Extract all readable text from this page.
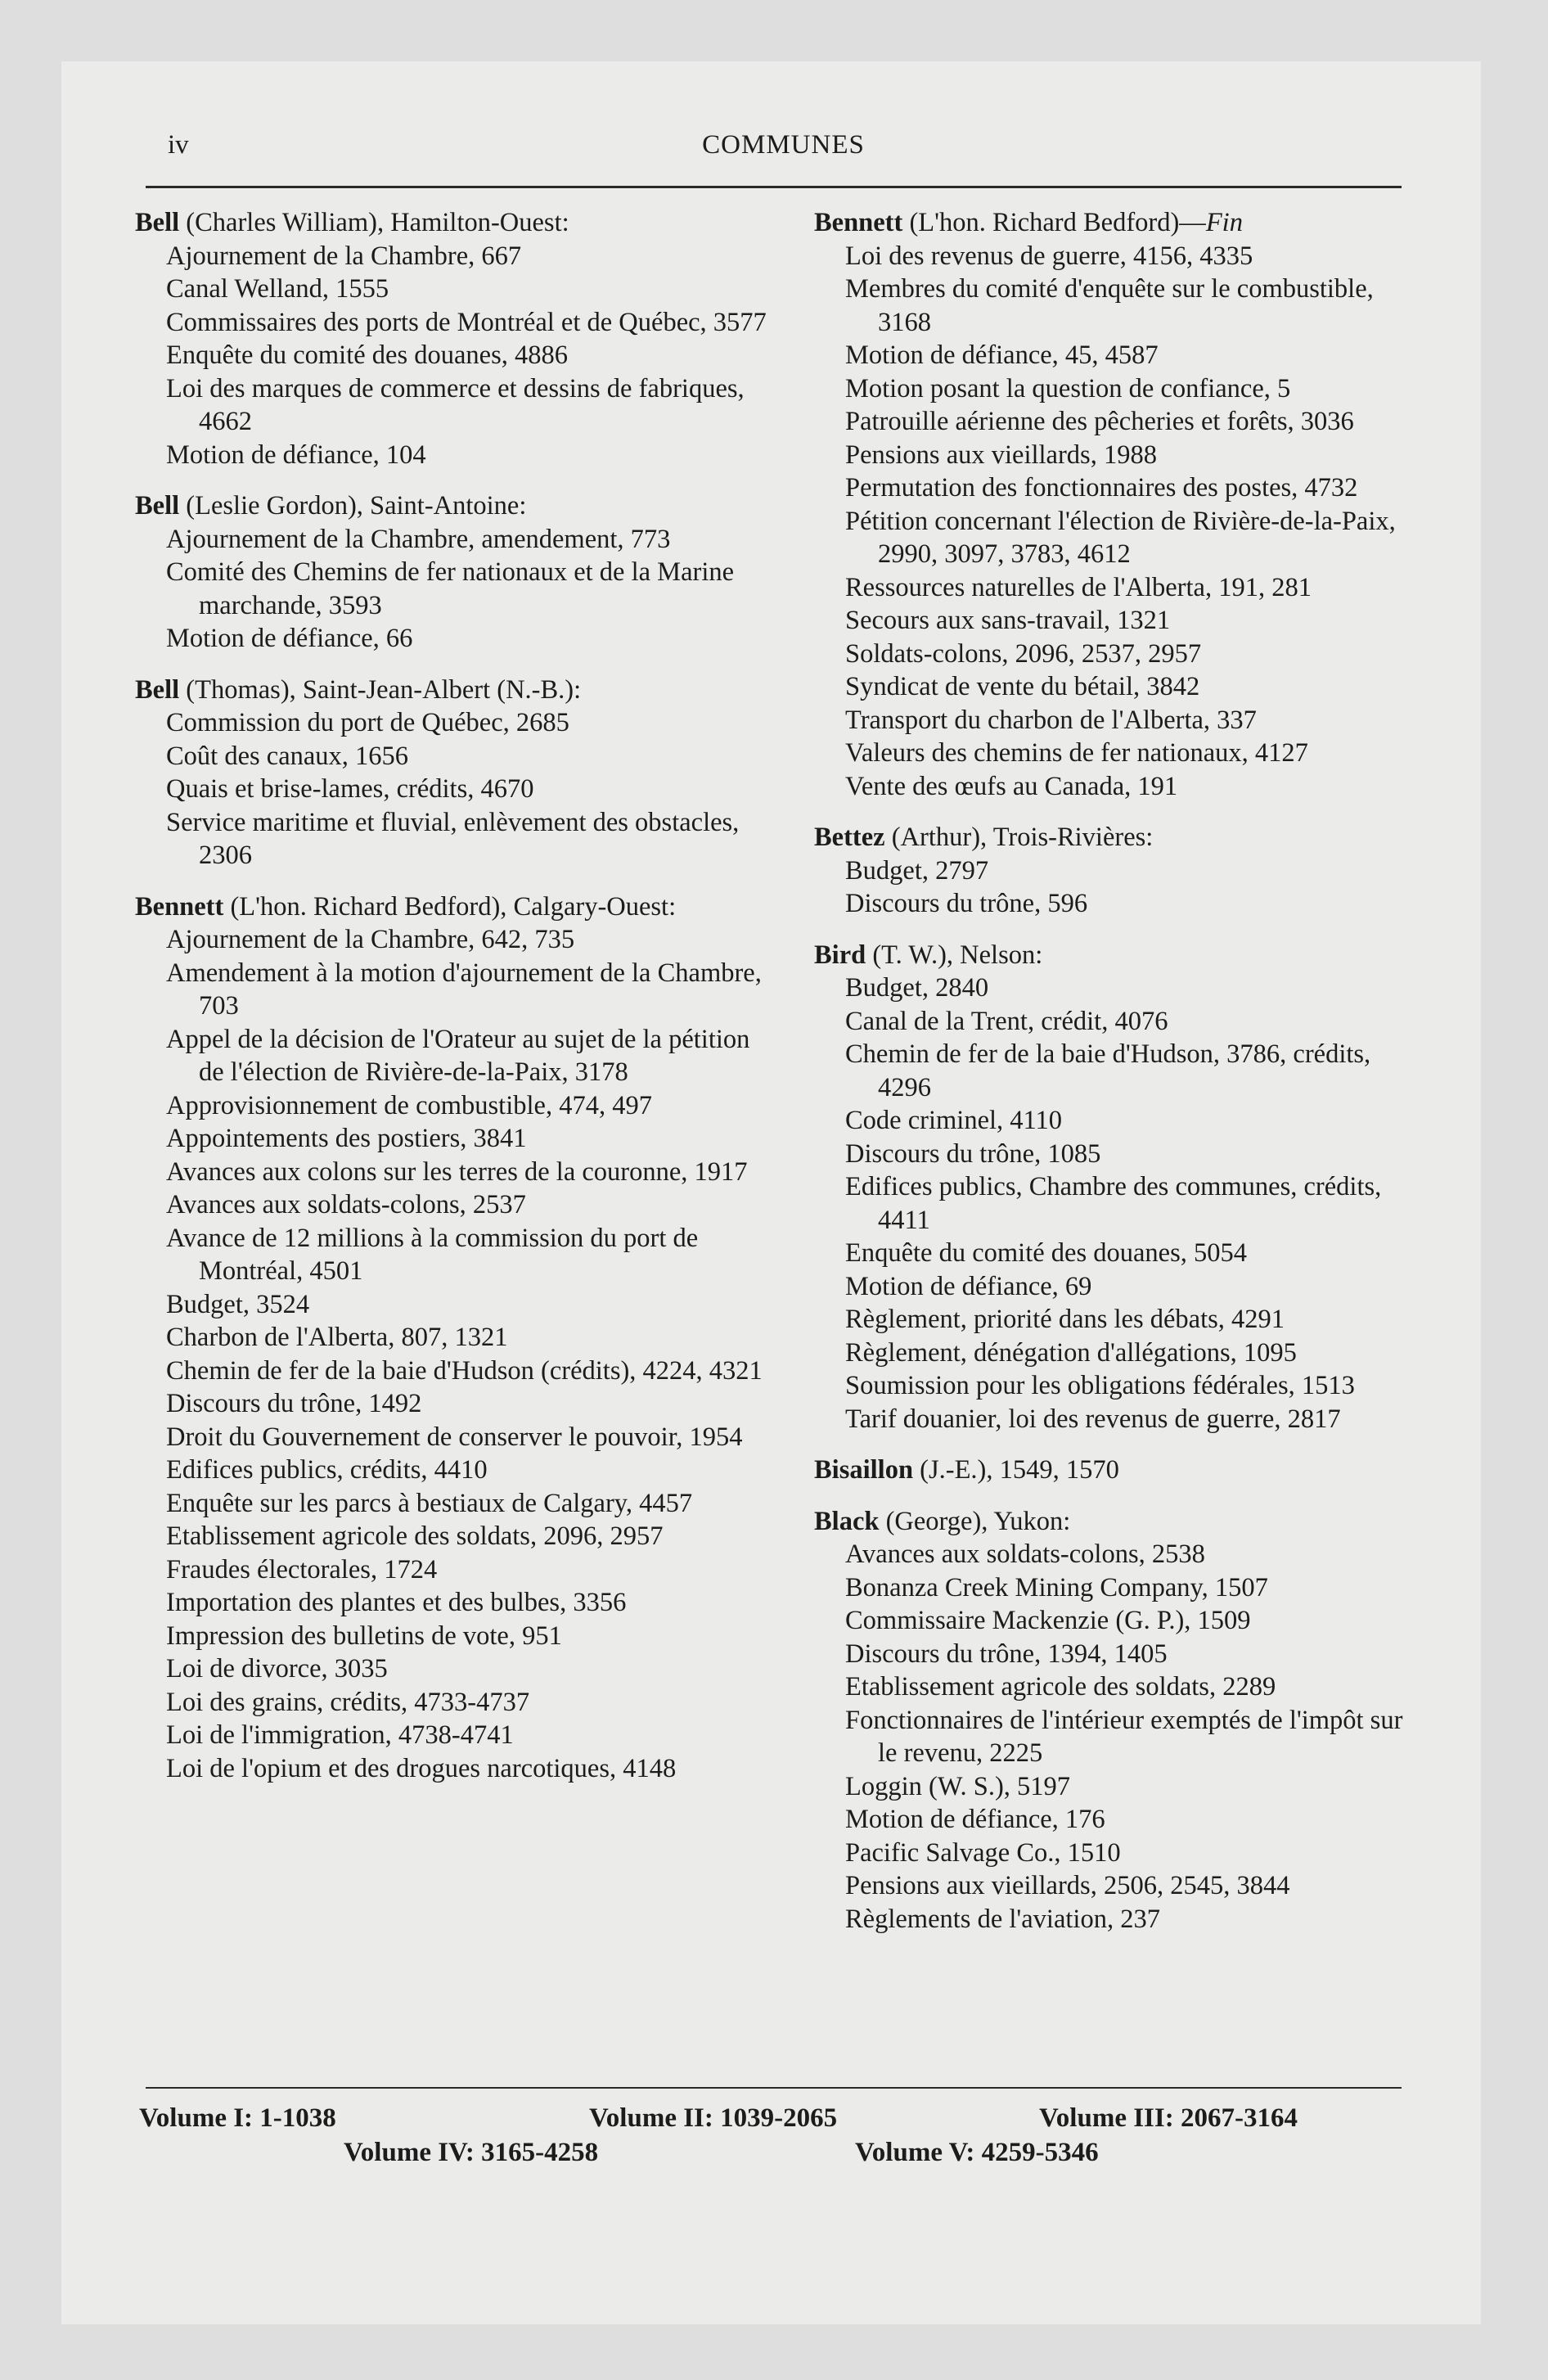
iv	COMMUNES
Bell (Charles William), Hamilton-Ouest:
Ajournement de la Chambre, 667
Canal Welland, 1555
Commissaires des ports de Montréal et de Québec, 3577
Enquête du comité des douanes, 4886
Loi des marques de commerce et dessins de fabriques, 4662
Motion de défiance, 104
Bell (Leslie Gordon), Saint-Antoine:
Ajournement de la Chambre, amendement, 773
Comité des Chemins de fer nationaux et de la Marine marchande, 3593
Motion de défiance, 66
Bell (Thomas), Saint-Jean-Albert (N.-B.):
Commission du port de Québec, 2685
Coût des canaux, 1656
Quais et brise-lames, crédits, 4670
Service maritime et fluvial, enlèvement des obstacles, 2306
Bennett (L'hon. Richard Bedford), Calgary-Ouest:
Ajournement de la Chambre, 642, 735
Amendement à la motion d'ajournement de la Chambre, 703
Appel de la décision de l'Orateur au sujet de la pétition de l'élection de Rivière-de-la-Paix, 3178
Approvisionnement de combustible, 474, 497
Appointements des postiers, 3841
Avances aux colons sur les terres de la couronne, 1917
Avances aux soldats-colons, 2537
Avance de 12 millions à la commission du port de Montréal, 4501
Budget, 3524
Charbon de l'Alberta, 807, 1321
Chemin de fer de la baie d'Hudson (crédits), 4224, 4321
Discours du trône, 1492
Droit du Gouvernement de conserver le pouvoir, 1954
Edifices publics, crédits, 4410
Enquête sur les parcs à bestiaux de Calgary, 4457
Etablissement agricole des soldats, 2096, 2957
Fraudes électorales, 1724
Importation des plantes et des bulbes, 3356
Impression des bulletins de vote, 951
Loi de divorce, 3035
Loi des grains, crédits, 4733-4737
Loi de l'immigration, 4738-4741
Loi de l'opium et des drogues narcotiques, 4148
Bennett (L'hon. Richard Bedford)—Fin
Loi des revenus de guerre, 4156, 4335
Membres du comité d'enquête sur le combustible, 3168
Motion de défiance, 45, 4587
Motion posant la question de confiance, 5
Patrouille aérienne des pêcheries et forêts, 3036
Pensions aux vieillards, 1988
Permutation des fonctionnaires des postes, 4732
Pétition concernant l'élection de Rivière-de-la-Paix, 2990, 3097, 3783, 4612
Ressources naturelles de l'Alberta, 191, 281
Secours aux sans-travail, 1321
Soldats-colons, 2096, 2537, 2957
Syndicat de vente du bétail, 3842
Transport du charbon de l'Alberta, 337
Valeurs des chemins de fer nationaux, 4127
Vente des œufs au Canada, 191
Bettez (Arthur), Trois-Rivières:
Budget, 2797
Discours du trône, 596
Bird (T. W.), Nelson:
Budget, 2840
Canal de la Trent, crédit, 4076
Chemin de fer de la baie d'Hudson, 3786, crédits, 4296
Code criminel, 4110
Discours du trône, 1085
Edifices publics, Chambre des communes, crédits, 4411
Enquête du comité des douanes, 5054
Motion de défiance, 69
Règlement, priorité dans les débats, 4291
Règlement, dénégation d'allégations, 1095
Soumission pour les obligations fédérales, 1513
Tarif douanier, loi des revenus de guerre, 2817
Bisaillon (J.-E.), 1549, 1570
Black (George), Yukon:
Avances aux soldats-colons, 2538
Bonanza Creek Mining Company, 1507
Commissaire Mackenzie (G. P.), 1509
Discours du trône, 1394, 1405
Etablissement agricole des soldats, 2289
Fonctionnaires de l'intérieur exemptés de l'impôt sur le revenu, 2225
Loggin (W. S.), 5197
Motion de défiance, 176
Pacific Salvage Co., 1510
Pensions aux vieillards, 2506, 2545, 3844
Règlements de l'aviation, 237
Volume I: 1-1038	Volume II: 1039-2065	Volume III: 2067-3164
Volume IV: 3165-4258	Volume V: 4259-5346
